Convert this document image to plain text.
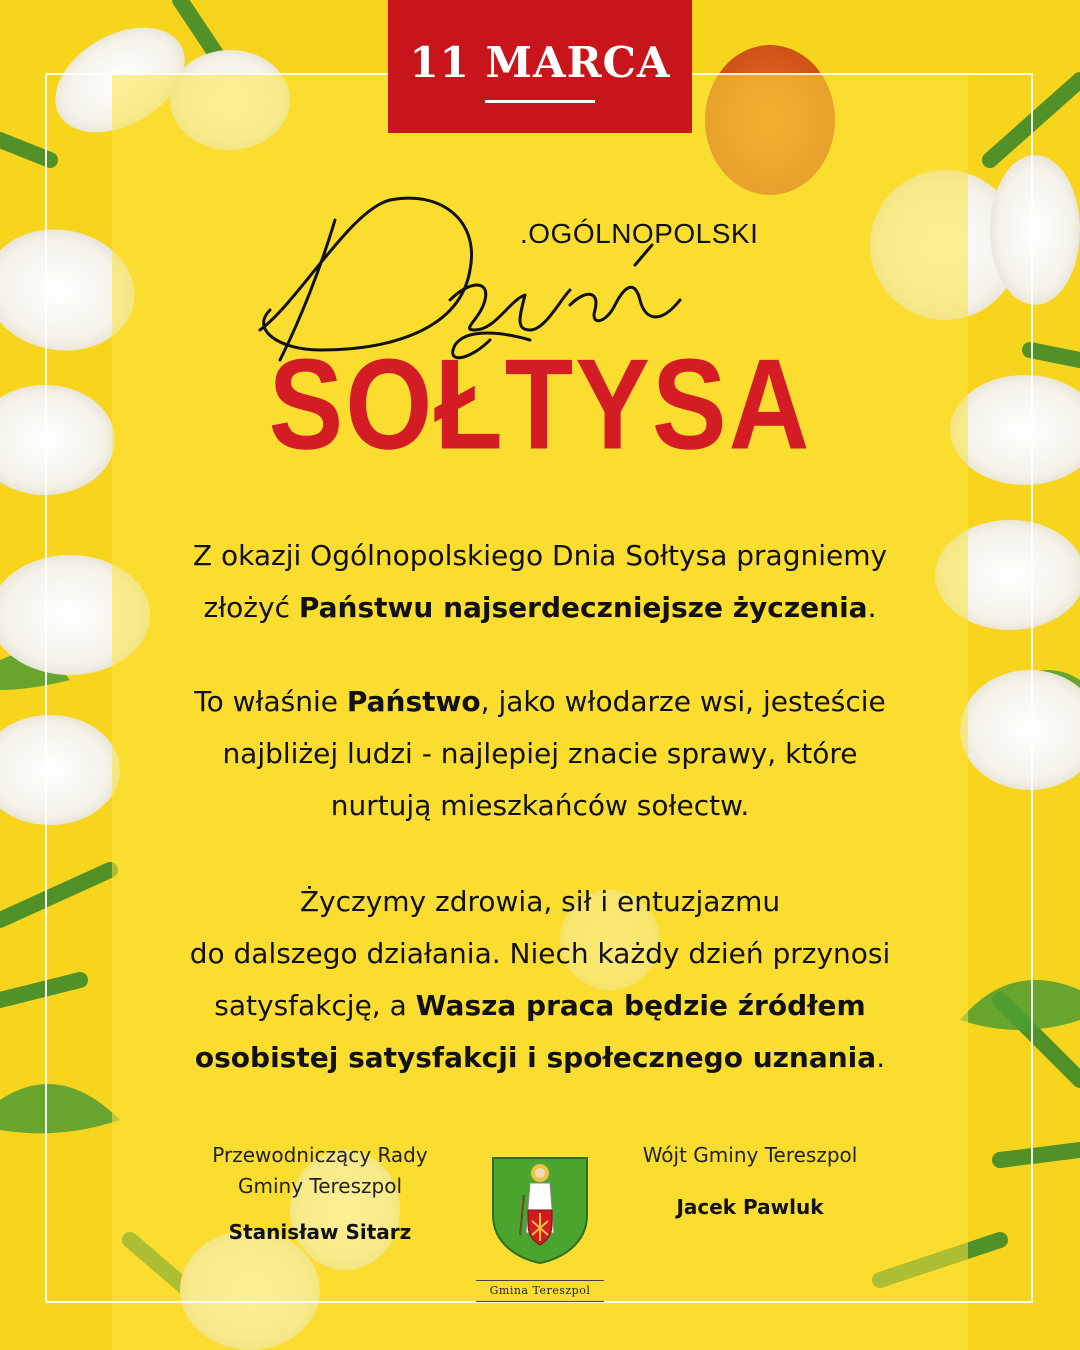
11 MARCA
.OGÓLNOPOLSKI
SOŁTYSA
Z okazji Ogólnopolskiego Dnia Sołtysa pragniemy
złożyć Państwu najserdeczniejsze życzenia.
To właśnie Państwo, jako włodarze wsi, jesteście
najbliżej ludzi - najlepiej znacie sprawy, które
nurtują mieszkańców sołectw.
Życzymy zdrowia, sił i entuzjazmu
do dalszego działania. Niech każdy dzień przynosi
satysfakcję, a Wasza praca będzie źródłem
osobistej satysfakcji i społecznego uznania.
Przewodniczący Rady
Gminy Tereszpol
Stanisław Sitarz
Wójt Gminy Tereszpol
Jacek Pawluk
Gmina Tereszpol
